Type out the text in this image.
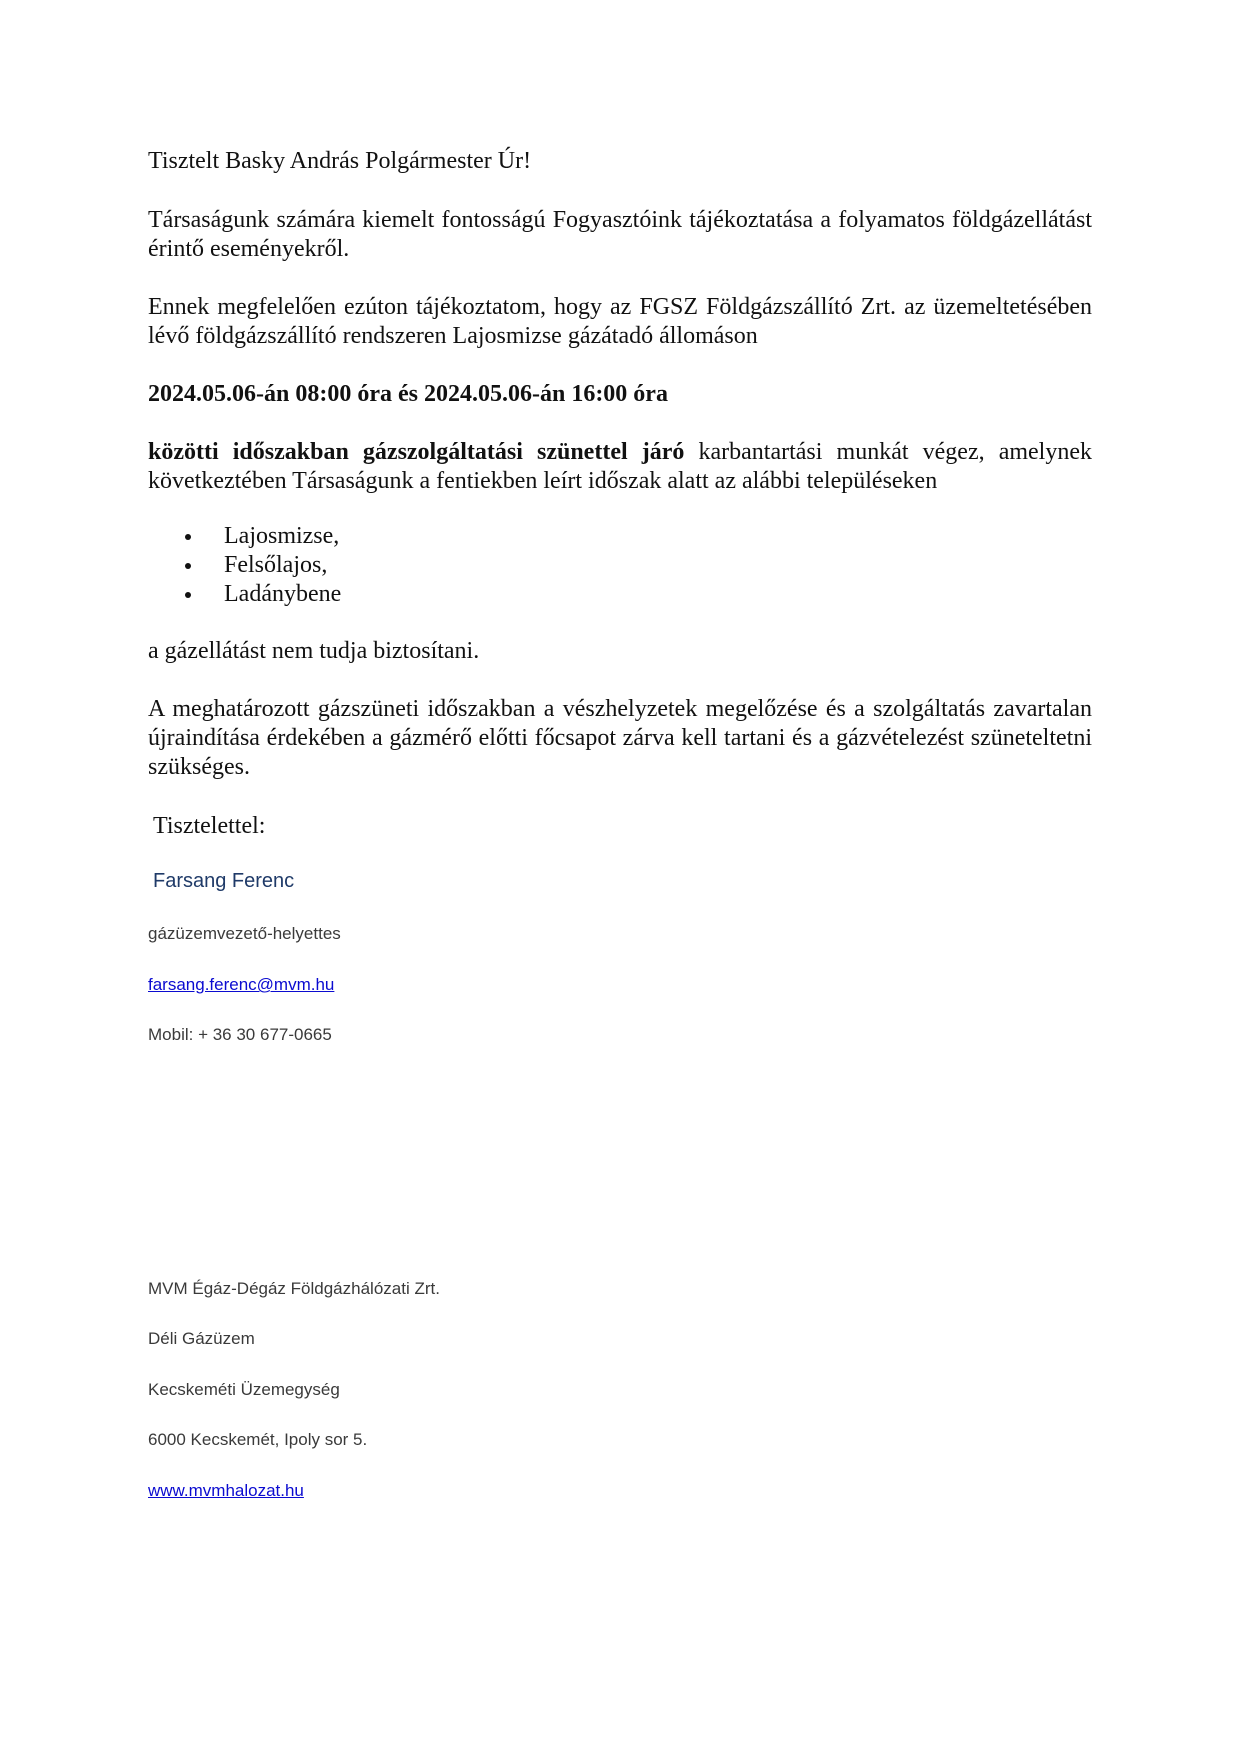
Tisztelt Basky András Polgármester Úr!

Társaságunk számára kiemelt fontosságú Fogyasztóink tájékoztatása a folyamatos földgázellátást érintő eseményekről.

Ennek megfelelően ezúton tájékoztatom, hogy az FGSZ Földgázszállító Zrt. az üzemeltetésében lévő földgázszállító rendszeren Lajosmizse gázátadó állomáson

2024.05.06-án 08:00 óra és 2024.05.06-án 16:00 óra

közötti időszakban gázszolgáltatási szünettel járó karbantartási munkát végez, amelynek következtében Társaságunk a fentiekben leírt időszak alatt az alábbi településeken

Lajosmizse,
Felsőlajos,
Ladánybene

a gázellátást nem tudja biztosítani.

A meghatározott gázszüneti időszakban a vészhelyzetek megelőzése és a szolgáltatás zavartalan újraindítása érdekében a gázmérő előtti főcsapot zárva kell tartani és a gázvételezést szüneteltetni szükséges.

Tisztelettel:

Farsang Ferenc

gázüzemvezető-helyettes

farsang.ferenc@mvm.hu

Mobil: + 36 30 677-0665

MVM Égáz-Dégáz Földgázhálózati Zrt.

Déli Gázüzem

Kecskeméti Üzemegység

6000 Kecskemét, Ipoly sor 5.

www.mvmhalozat.hu
